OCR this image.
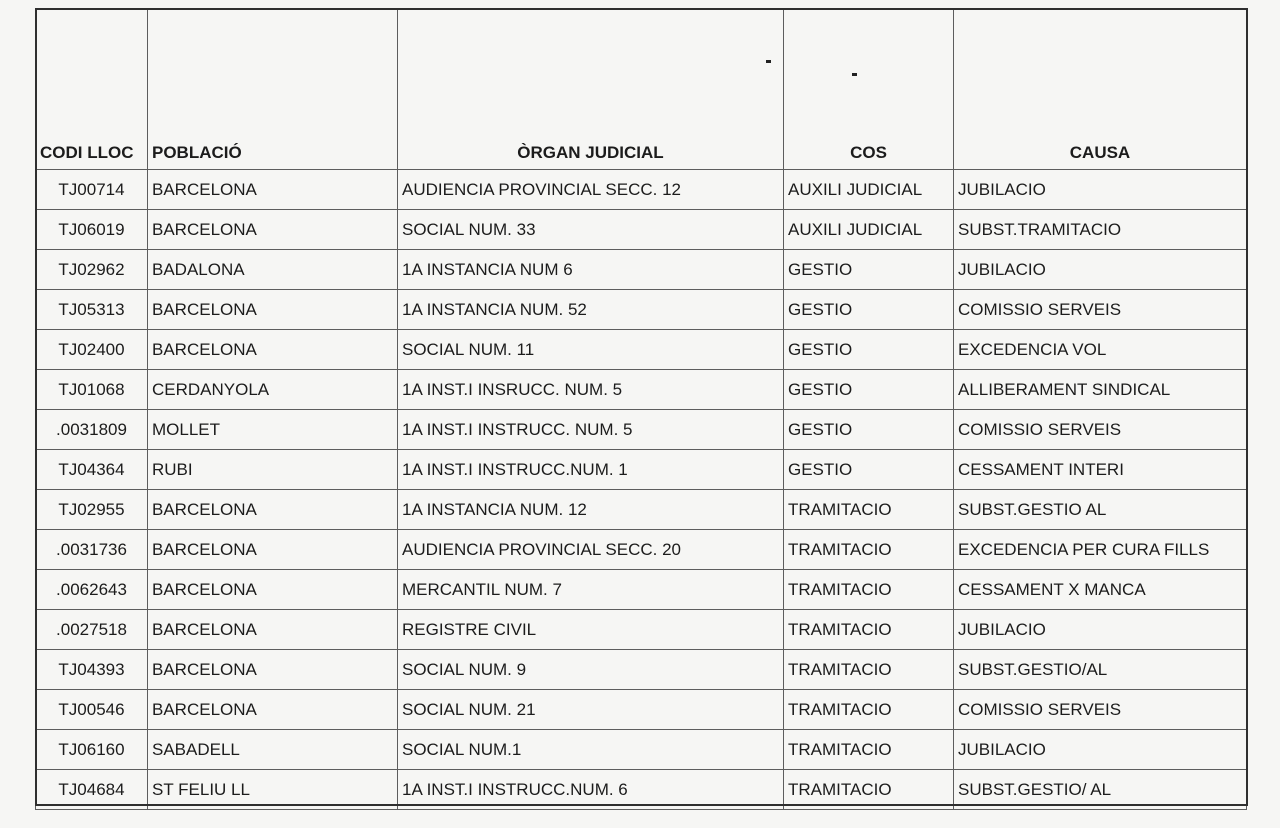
CODI LLOC	POBLACIÓ	ÒRGAN JUDICIAL	COS	CAUSA
TJ00714	BARCELONA	AUDIENCIA PROVINCIAL SECC. 12	AUXILI JUDICIAL	JUBILACIO
TJ06019	BARCELONA	SOCIAL NUM. 33	AUXILI JUDICIAL	SUBST.TRAMITACIO
TJ02962	BADALONA	1A INSTANCIA NUM 6	GESTIO	JUBILACIO
TJ05313	BARCELONA	1A INSTANCIA NUM. 52	GESTIO	COMISSIO SERVEIS
TJ02400	BARCELONA	SOCIAL NUM. 11	GESTIO	EXCEDENCIA VOL
TJ01068	CERDANYOLA	1A INST.I INSRUCC. NUM. 5	GESTIO	ALLIBERAMENT SINDICAL
.0031809	MOLLET	1A INST.I INSTRUCC. NUM. 5	GESTIO	COMISSIO SERVEIS
TJ04364	RUBI	1A INST.I INSTRUCC.NUM. 1	GESTIO	CESSAMENT INTERI
TJ02955	BARCELONA	1A INSTANCIA NUM. 12	TRAMITACIO	SUBST.GESTIO AL
.0031736	BARCELONA	AUDIENCIA PROVINCIAL SECC. 20	TRAMITACIO	EXCEDENCIA PER CURA FILLS
.0062643	BARCELONA	MERCANTIL NUM. 7	TRAMITACIO	CESSAMENT X MANCA
.0027518	BARCELONA	REGISTRE CIVIL	TRAMITACIO	JUBILACIO
TJ04393	BARCELONA	SOCIAL NUM. 9	TRAMITACIO	SUBST.GESTIO/AL
TJ00546	BARCELONA	SOCIAL NUM. 21	TRAMITACIO	COMISSIO SERVEIS
TJ06160	SABADELL	SOCIAL NUM.1	TRAMITACIO	JUBILACIO
TJ04684	ST FELIU LL	1A INST.I INSTRUCC.NUM. 6	TRAMITACIO	SUBST.GESTIO/ AL
